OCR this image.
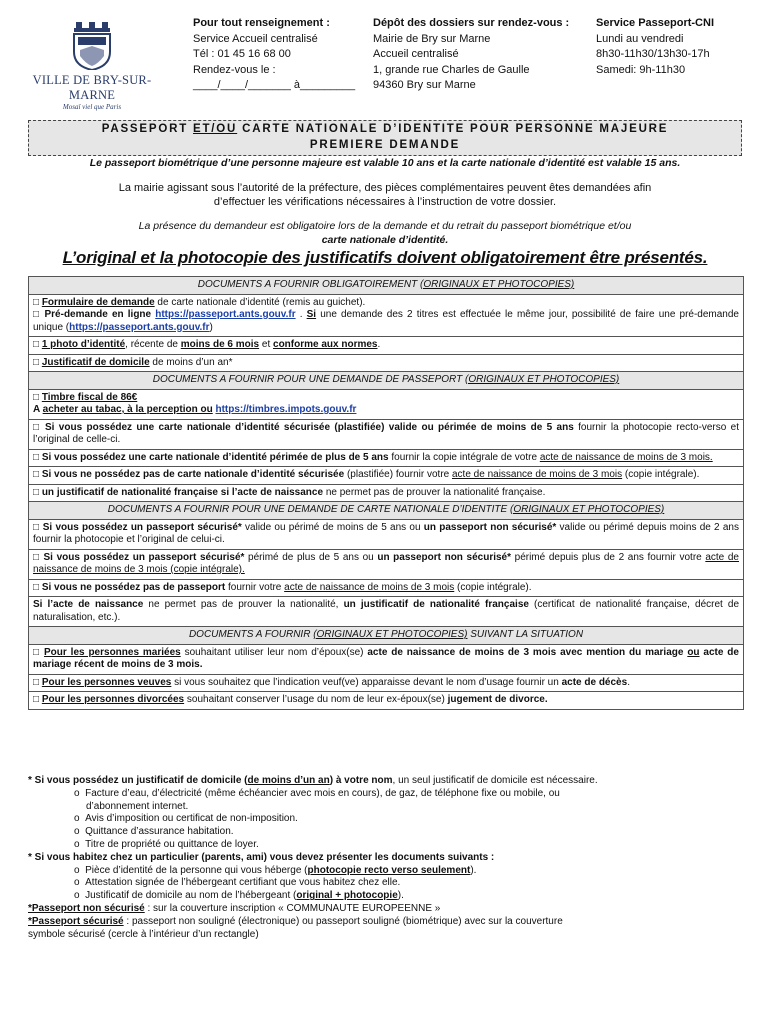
VILLE DE BRY-SUR-MARNE
Mosaï viel que Paris
Pour tout renseignement :
Service Accueil centralisé
Tél : 01 45 16 68 00
Rendez-vous le :
____/____/_______ à_________
Dépôt des dossiers sur rendez-vous :
Mairie de Bry sur Marne
Accueil centralisé
1, grande rue Charles de Gaulle
94360 Bry sur Marne
Service Passeport-CNI
Lundi au vendredi
8h30-11h30/13h30-17h
Samedi: 9h-11h30
PASSEPORT ET/OU CARTE NATIONALE D’IDENTITE POUR PERSONNE MAJEURE
PREMIERE DEMANDE
Le passeport biométrique d’une personne majeure est valable 10 ans et la carte nationale d’identité est valable 15 ans.
La mairie agissant sous l’autorité de la préfecture, des pièces complémentaires peuvent êtes demandées afin
d’effectuer les vérifications nécessaires à l’instruction de votre dossier.
La présence du demandeur est obligatoire lors de la demande et du retrait du passeport biométrique et/ou
carte nationale d’identité.
L’original et la photocopie des justificatifs doivent obligatoirement être présentés.
DOCUMENTS A FOURNIR OBLIGATOIREMENT (ORIGINAUX ET PHOTOCOPIES)
□ Formulaire de demande de carte nationale d’identité (remis au guichet).
□ Pré-demande en ligne https://passeport.ants.gouv.fr . Si une demande des 2 titres est effectuée le même jour, possibilité de faire une pré-demande unique (https://passeport.ants.gouv.fr)
□ 1 photo d’identité, récente de moins de 6 mois et conforme aux normes.
□ Justificatif de domicile de moins d’un an*
DOCUMENTS A FOURNIR POUR UNE DEMANDE DE PASSEPORT (ORIGINAUX ET PHOTOCOPIES)
□ Timbre fiscal de 86€
A acheter au tabac, à la perception ou https://timbres.impots.gouv.fr
□ Si vous possédez une carte nationale d’identité sécurisée (plastifiée) valide ou périmée de moins de 5 ans fournir la photocopie recto-verso et l’original de celle-ci.
□ Si vous possédez une carte nationale d’identité périmée de plus de 5 ans fournir la copie intégrale de votre acte de naissance de moins de 3 mois.
□ Si vous ne possédez pas de carte nationale d’identité sécurisée (plastifiée) fournir votre acte de naissance de moins de 3 mois (copie intégrale).
□ un justificatif de nationalité française si l’acte de naissance ne permet pas de prouver la nationalité française.
DOCUMENTS A FOURNIR POUR UNE DEMANDE DE CARTE NATIONALE D’IDENTITE (ORIGINAUX ET PHOTOCOPIES)
□ Si vous possédez un passeport sécurisé* valide ou périmé de moins de 5 ans ou un passeport non sécurisé* valide ou périmé depuis moins de 2 ans fournir la photocopie et l’original de celui-ci.
□ Si vous possédez un passeport sécurisé* périmé de plus de 5 ans ou un passeport non sécurisé* périmé depuis plus de 2 ans fournir votre acte de naissance de moins de 3 mois (copie intégrale).
□ Si vous ne possédez pas de passeport fournir votre acte de naissance de moins de 3 mois (copie intégrale).
Si l’acte de naissance ne permet pas de prouver la nationalité, un justificatif de nationalité française (certificat de nationalité française, décret de naturalisation, etc.).
DOCUMENTS A FOURNIR (ORIGINAUX ET PHOTOCOPIES) SUIVANT LA SITUATION
□ Pour les personnes mariées souhaitant utiliser leur nom d’époux(se) acte de naissance de moins de 3 mois avec mention du mariage ou acte de mariage récent de moins de 3 mois.
□ Pour les personnes veuves si vous souhaitez que l’indication veuf(ve) apparaisse devant le nom d’usage fournir un acte de décès.
□ Pour les personnes divorcées souhaitant conserver l’usage du nom de leur ex-époux(se) jugement de divorce.
* Si vous possédez un justificatif de domicile (de moins d’un an) à votre nom, un seul justificatif de domicile est nécessaire.
o  Facture d’eau, d’électricité (même échéancier avec mois en cours), de gaz, de téléphone fixe ou mobile, ou
d’abonnement internet.
o  Avis d’imposition ou certificat de non-imposition.
o  Quittance d’assurance habitation.
o  Titre de propriété ou quittance de loyer.
* Si vous habitez chez un particulier (parents, ami) vous devez présenter les documents suivants :
o  Pièce d’identité de la personne qui vous héberge (photocopie recto verso seulement).
o  Attestation signée de l’hébergeant certifiant que vous habitez chez elle.
o  Justificatif de domicile au nom de l’hébergeant (original + photocopie).
*Passeport non sécurisé : sur la couverture inscription « COMMUNAUTE EUROPEENNE »
*Passeport sécurisé : passeport non souligné (électronique) ou passeport souligné (biométrique) avec sur la couverture
symbole sécurisé (cercle à l’intérieur d’un rectangle)
